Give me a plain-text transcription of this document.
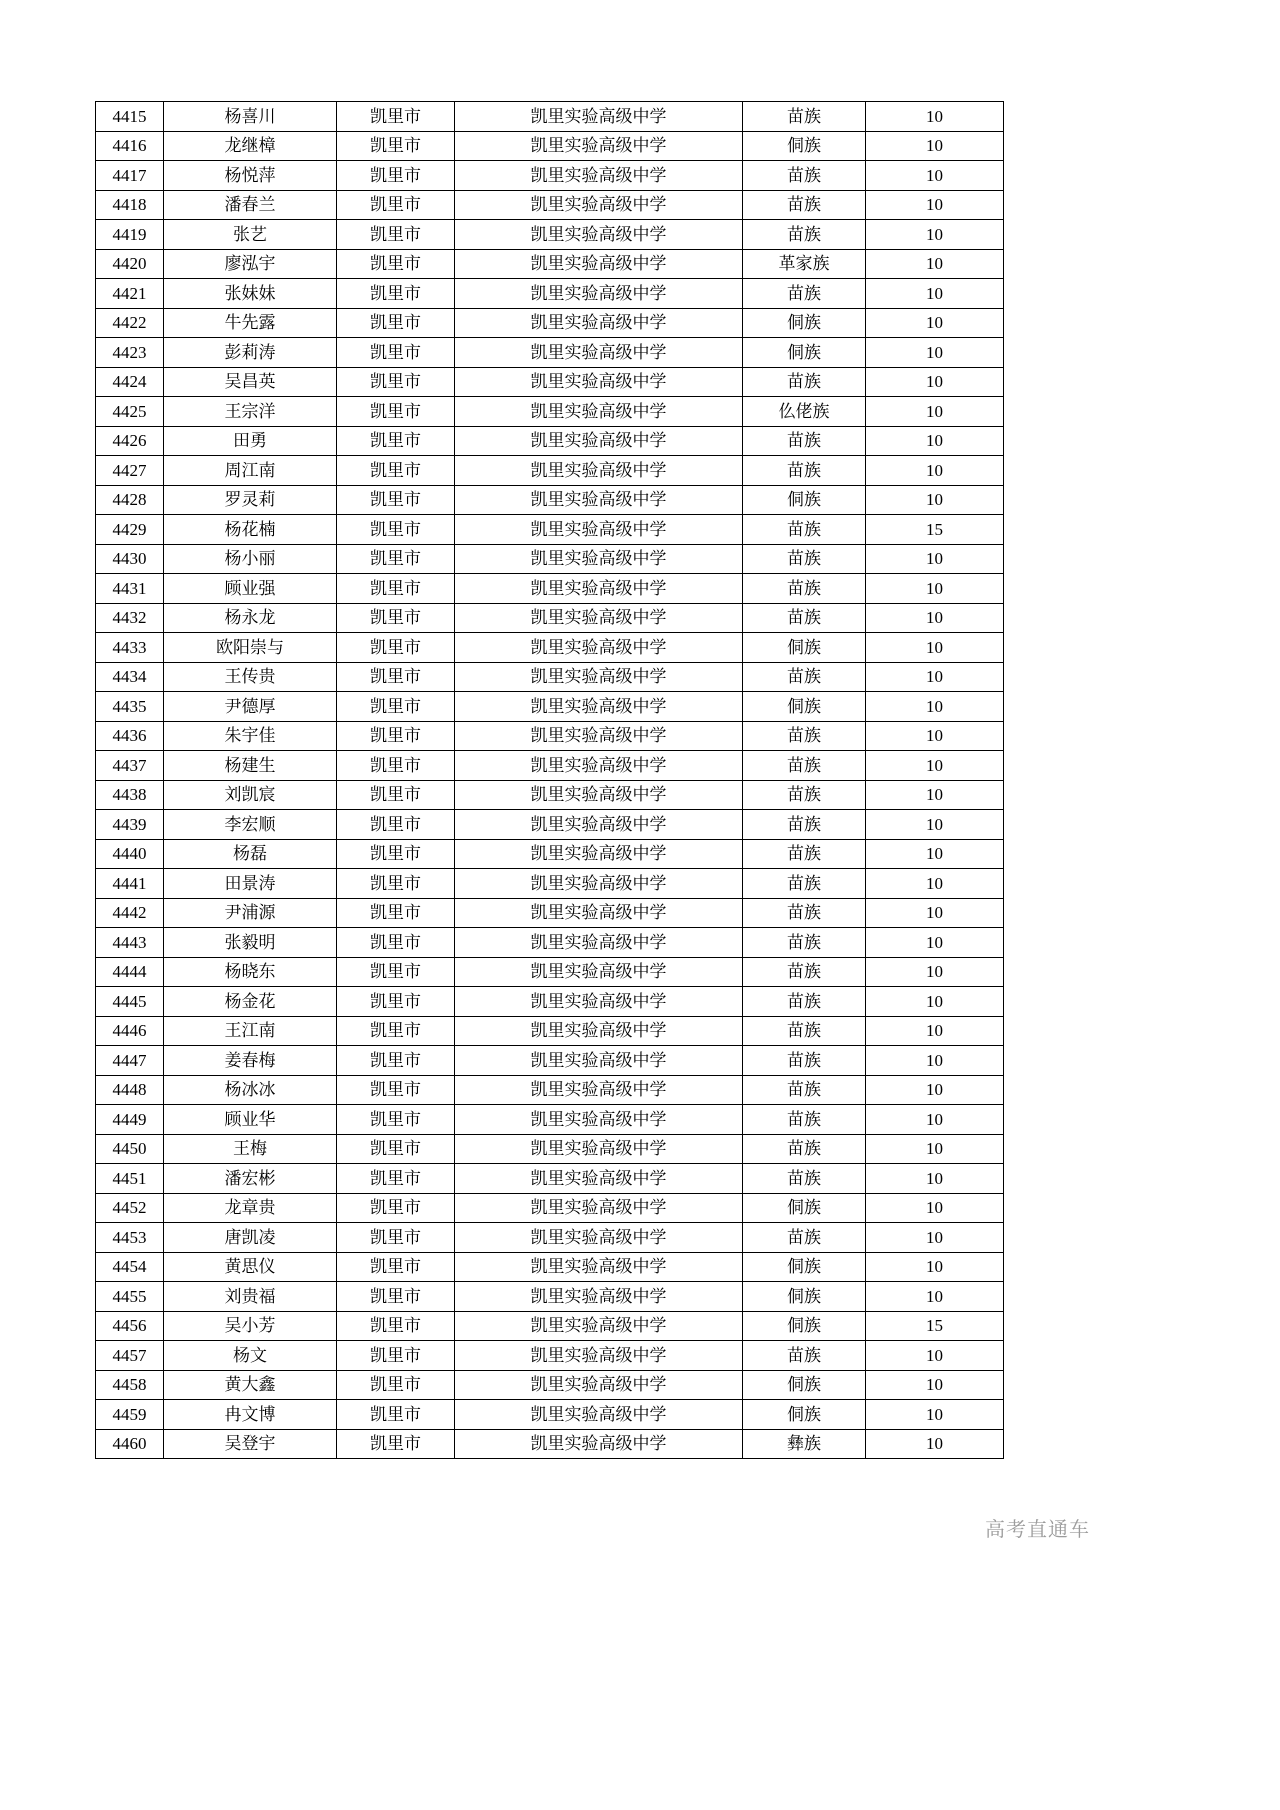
4415	杨喜川	凯里市	凯里实验高级中学	苗族	10
4416	龙继樟	凯里市	凯里实验高级中学	侗族	10
4417	杨悦萍	凯里市	凯里实验高级中学	苗族	10
4418	潘春兰	凯里市	凯里实验高级中学	苗族	10
4419	张艺	凯里市	凯里实验高级中学	苗族	10
4420	廖泓宇	凯里市	凯里实验高级中学	革家族	10
4421	张妹妹	凯里市	凯里实验高级中学	苗族	10
4422	牛先露	凯里市	凯里实验高级中学	侗族	10
4423	彭莉涛	凯里市	凯里实验高级中学	侗族	10
4424	吴昌英	凯里市	凯里实验高级中学	苗族	10
4425	王宗洋	凯里市	凯里实验高级中学	仫佬族	10
4426	田勇	凯里市	凯里实验高级中学	苗族	10
4427	周江南	凯里市	凯里实验高级中学	苗族	10
4428	罗灵莉	凯里市	凯里实验高级中学	侗族	10
4429	杨花楠	凯里市	凯里实验高级中学	苗族	15
4430	杨小丽	凯里市	凯里实验高级中学	苗族	10
4431	顾业强	凯里市	凯里实验高级中学	苗族	10
4432	杨永龙	凯里市	凯里实验高级中学	苗族	10
4433	欧阳崇与	凯里市	凯里实验高级中学	侗族	10
4434	王传贵	凯里市	凯里实验高级中学	苗族	10
4435	尹德厚	凯里市	凯里实验高级中学	侗族	10
4436	朱宇佳	凯里市	凯里实验高级中学	苗族	10
4437	杨建生	凯里市	凯里实验高级中学	苗族	10
4438	刘凯宸	凯里市	凯里实验高级中学	苗族	10
4439	李宏顺	凯里市	凯里实验高级中学	苗族	10
4440	杨磊	凯里市	凯里实验高级中学	苗族	10
4441	田景涛	凯里市	凯里实验高级中学	苗族	10
4442	尹浦源	凯里市	凯里实验高级中学	苗族	10
4443	张毅明	凯里市	凯里实验高级中学	苗族	10
4444	杨晓东	凯里市	凯里实验高级中学	苗族	10
4445	杨金花	凯里市	凯里实验高级中学	苗族	10
4446	王江南	凯里市	凯里实验高级中学	苗族	10
4447	姜春梅	凯里市	凯里实验高级中学	苗族	10
4448	杨冰冰	凯里市	凯里实验高级中学	苗族	10
4449	顾业华	凯里市	凯里实验高级中学	苗族	10
4450	王梅	凯里市	凯里实验高级中学	苗族	10
4451	潘宏彬	凯里市	凯里实验高级中学	苗族	10
4452	龙章贵	凯里市	凯里实验高级中学	侗族	10
4453	唐凯凌	凯里市	凯里实验高级中学	苗族	10
4454	黄思仪	凯里市	凯里实验高级中学	侗族	10
4455	刘贵福	凯里市	凯里实验高级中学	侗族	10
4456	吴小芳	凯里市	凯里实验高级中学	侗族	15
4457	杨文	凯里市	凯里实验高级中学	苗族	10
4458	黄大鑫	凯里市	凯里实验高级中学	侗族	10
4459	冉文博	凯里市	凯里实验高级中学	侗族	10
4460	吴登宇	凯里市	凯里实验高级中学	彝族	10
高考直通车
